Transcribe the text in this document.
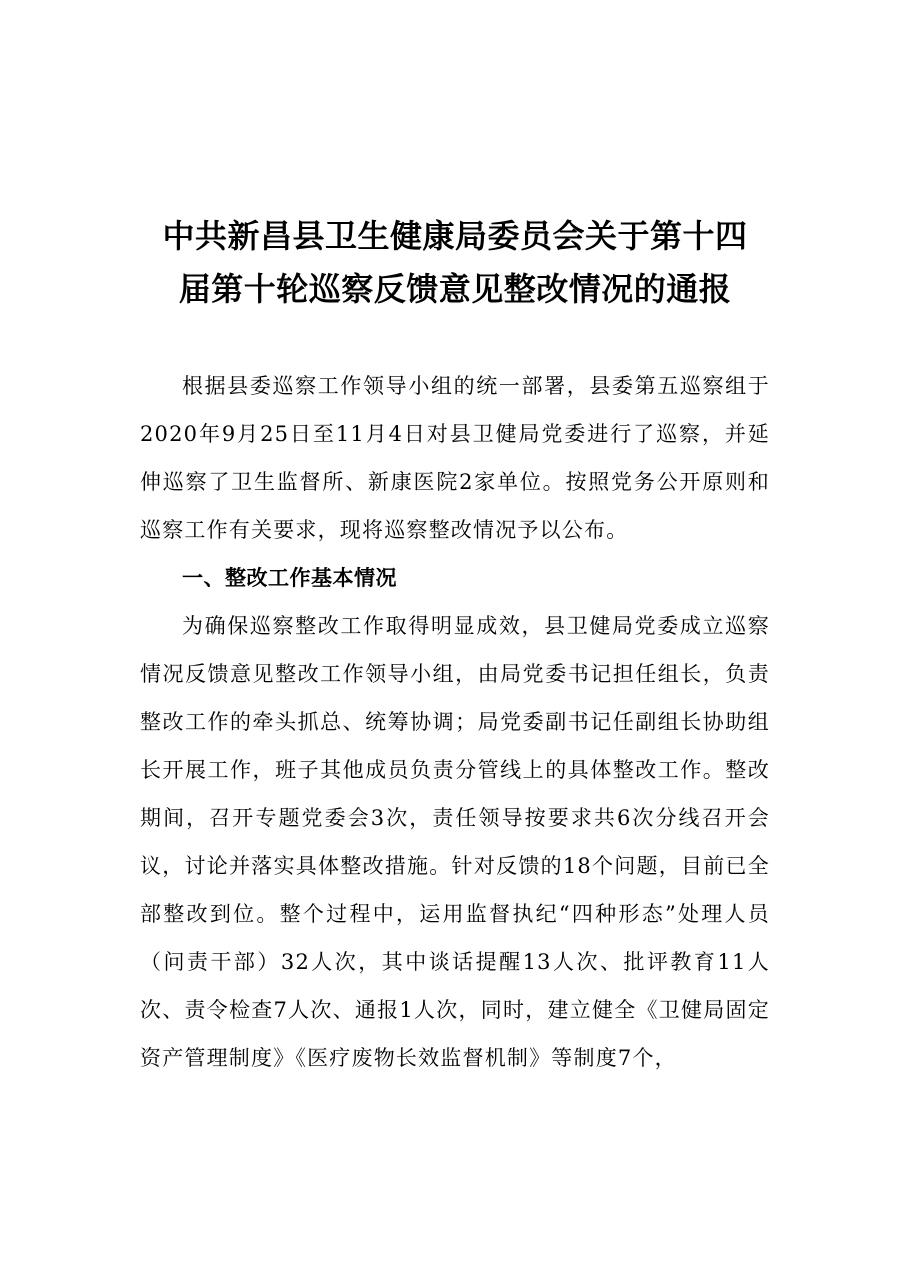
中共新昌县卫生健康局委员会关于第十四
届第十轮巡察反馈意见整改情况的通报

根据县委巡察工作领导小组的统一部署，县委第五巡察组于2020年9月25日至11月4日对县卫健局党委进行了巡察，并延伸巡察了卫生监督所、新康医院2家单位。按照党务公开原则和巡察工作有关要求，现将巡察整改情况予以公布。

一、整改工作基本情况

为确保巡察整改工作取得明显成效，县卫健局党委成立巡察情况反馈意见整改工作领导小组，由局党委书记担任组长，负责整改工作的牵头抓总、统筹协调；局党委副书记任副组长协助组长开展工作，班子其他成员负责分管线上的具体整改工作。整改期间，召开专题党委会3次，责任领导按要求共6次分线召开会议，讨论并落实具体整改措施。针对反馈的18个问题，目前已全部整改到位。整个过程中，运用监督执纪“四种形态”处理人员（问责干部）32人次，其中谈话提醒13人次、批评教育11人次、责令检查7人次、通报1人次，同时，建立健全《卫健局固定资产管理制度》《医疗废物长效监督机制》等制度7个，
